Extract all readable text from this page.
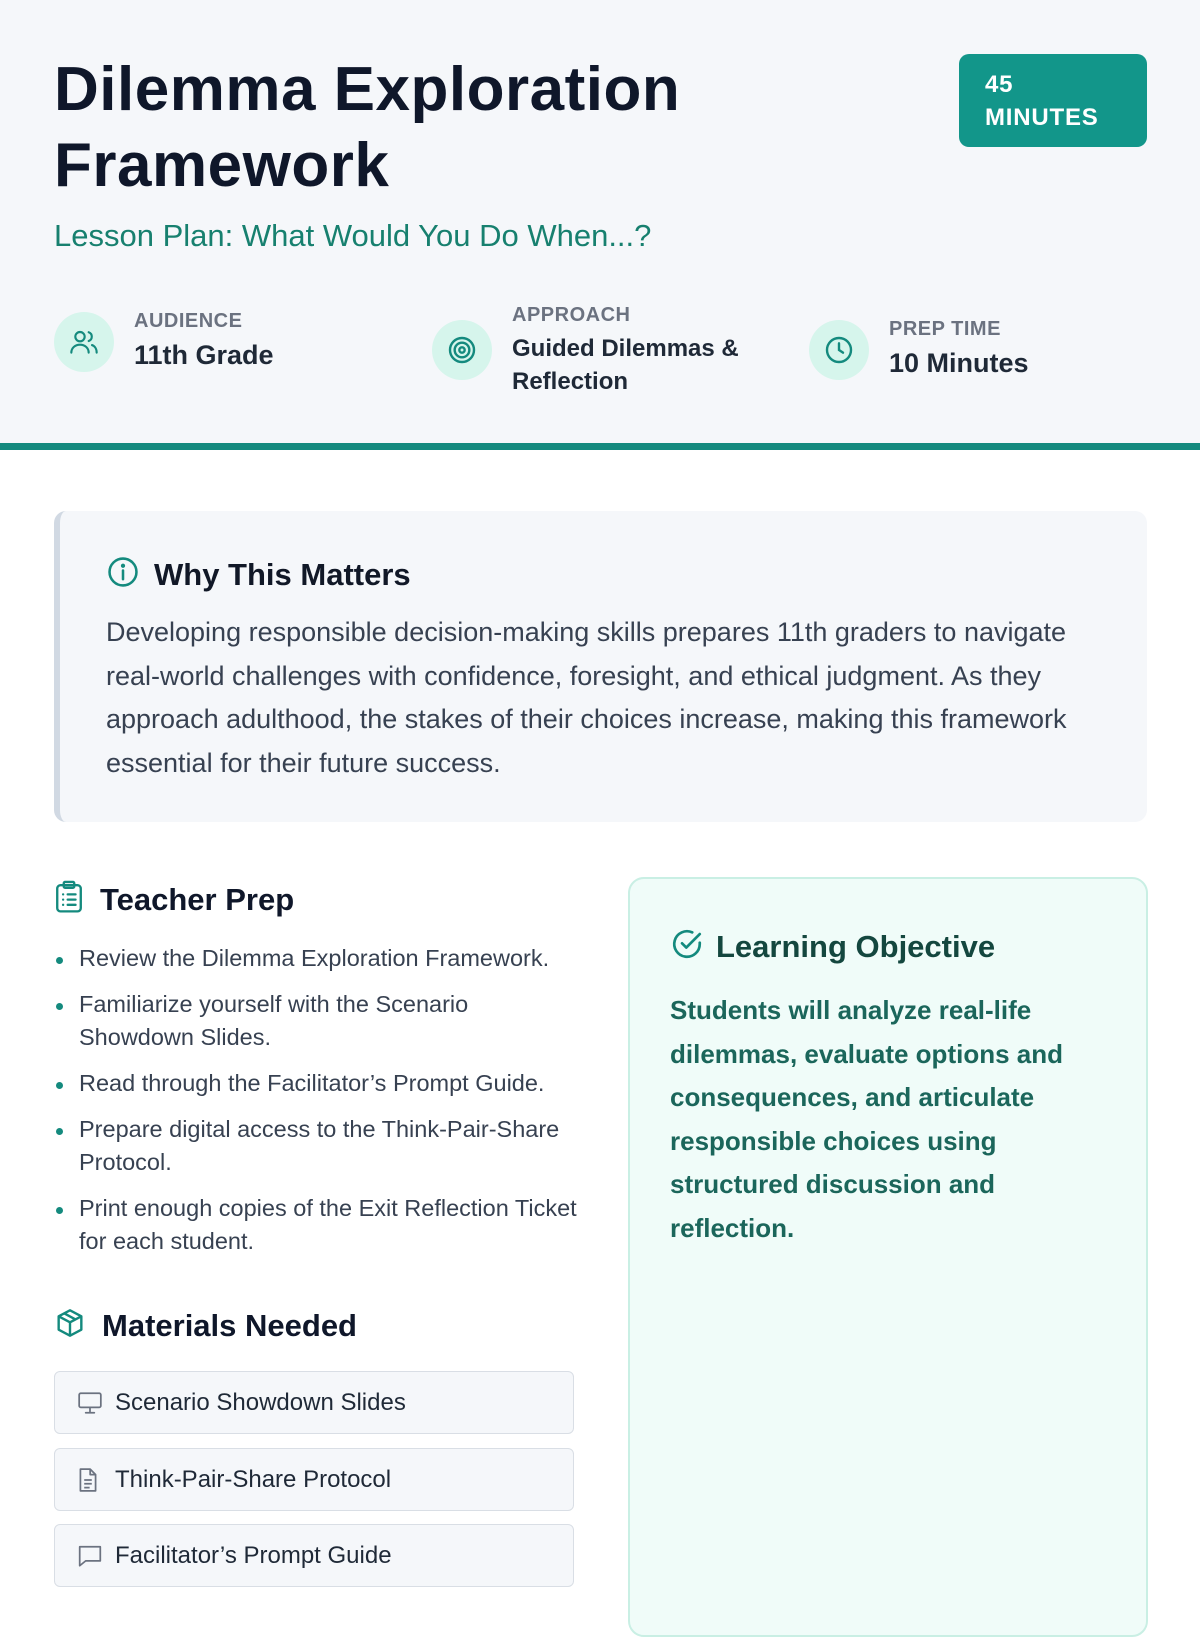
Dilemma Exploration Framework

Lesson Plan: What Would You Do When...?

45
MINUTES
AUDIENCE
11th Grade
APPROACH
Guided Dilemmas & Reflection
PREP TIME
10 Minutes
Why This Matters

Developing responsible decision-making skills prepares 11th graders to navigate real-world challenges with confidence, foresight, and ethical judgment. As they approach adulthood, the stakes of their choices increase, making this framework essential for their future success.

Teacher Prep
Review the Dilemma Exploration Framework.
Familiarize yourself with the Scenario Showdown Slides.
Read through the Facilitator’s Prompt Guide.
Prepare digital access to the Think-Pair-Share Protocol.
Print enough copies of the Exit Reflection Ticket for each student.
Materials Needed
Scenario Showdown Slides
Think-Pair-Share Protocol
Facilitator’s Prompt Guide
Learning Objective

Students will analyze real-life dilemmas, evaluate options and consequences, and articulate responsible choices using structured discussion and reflection.
